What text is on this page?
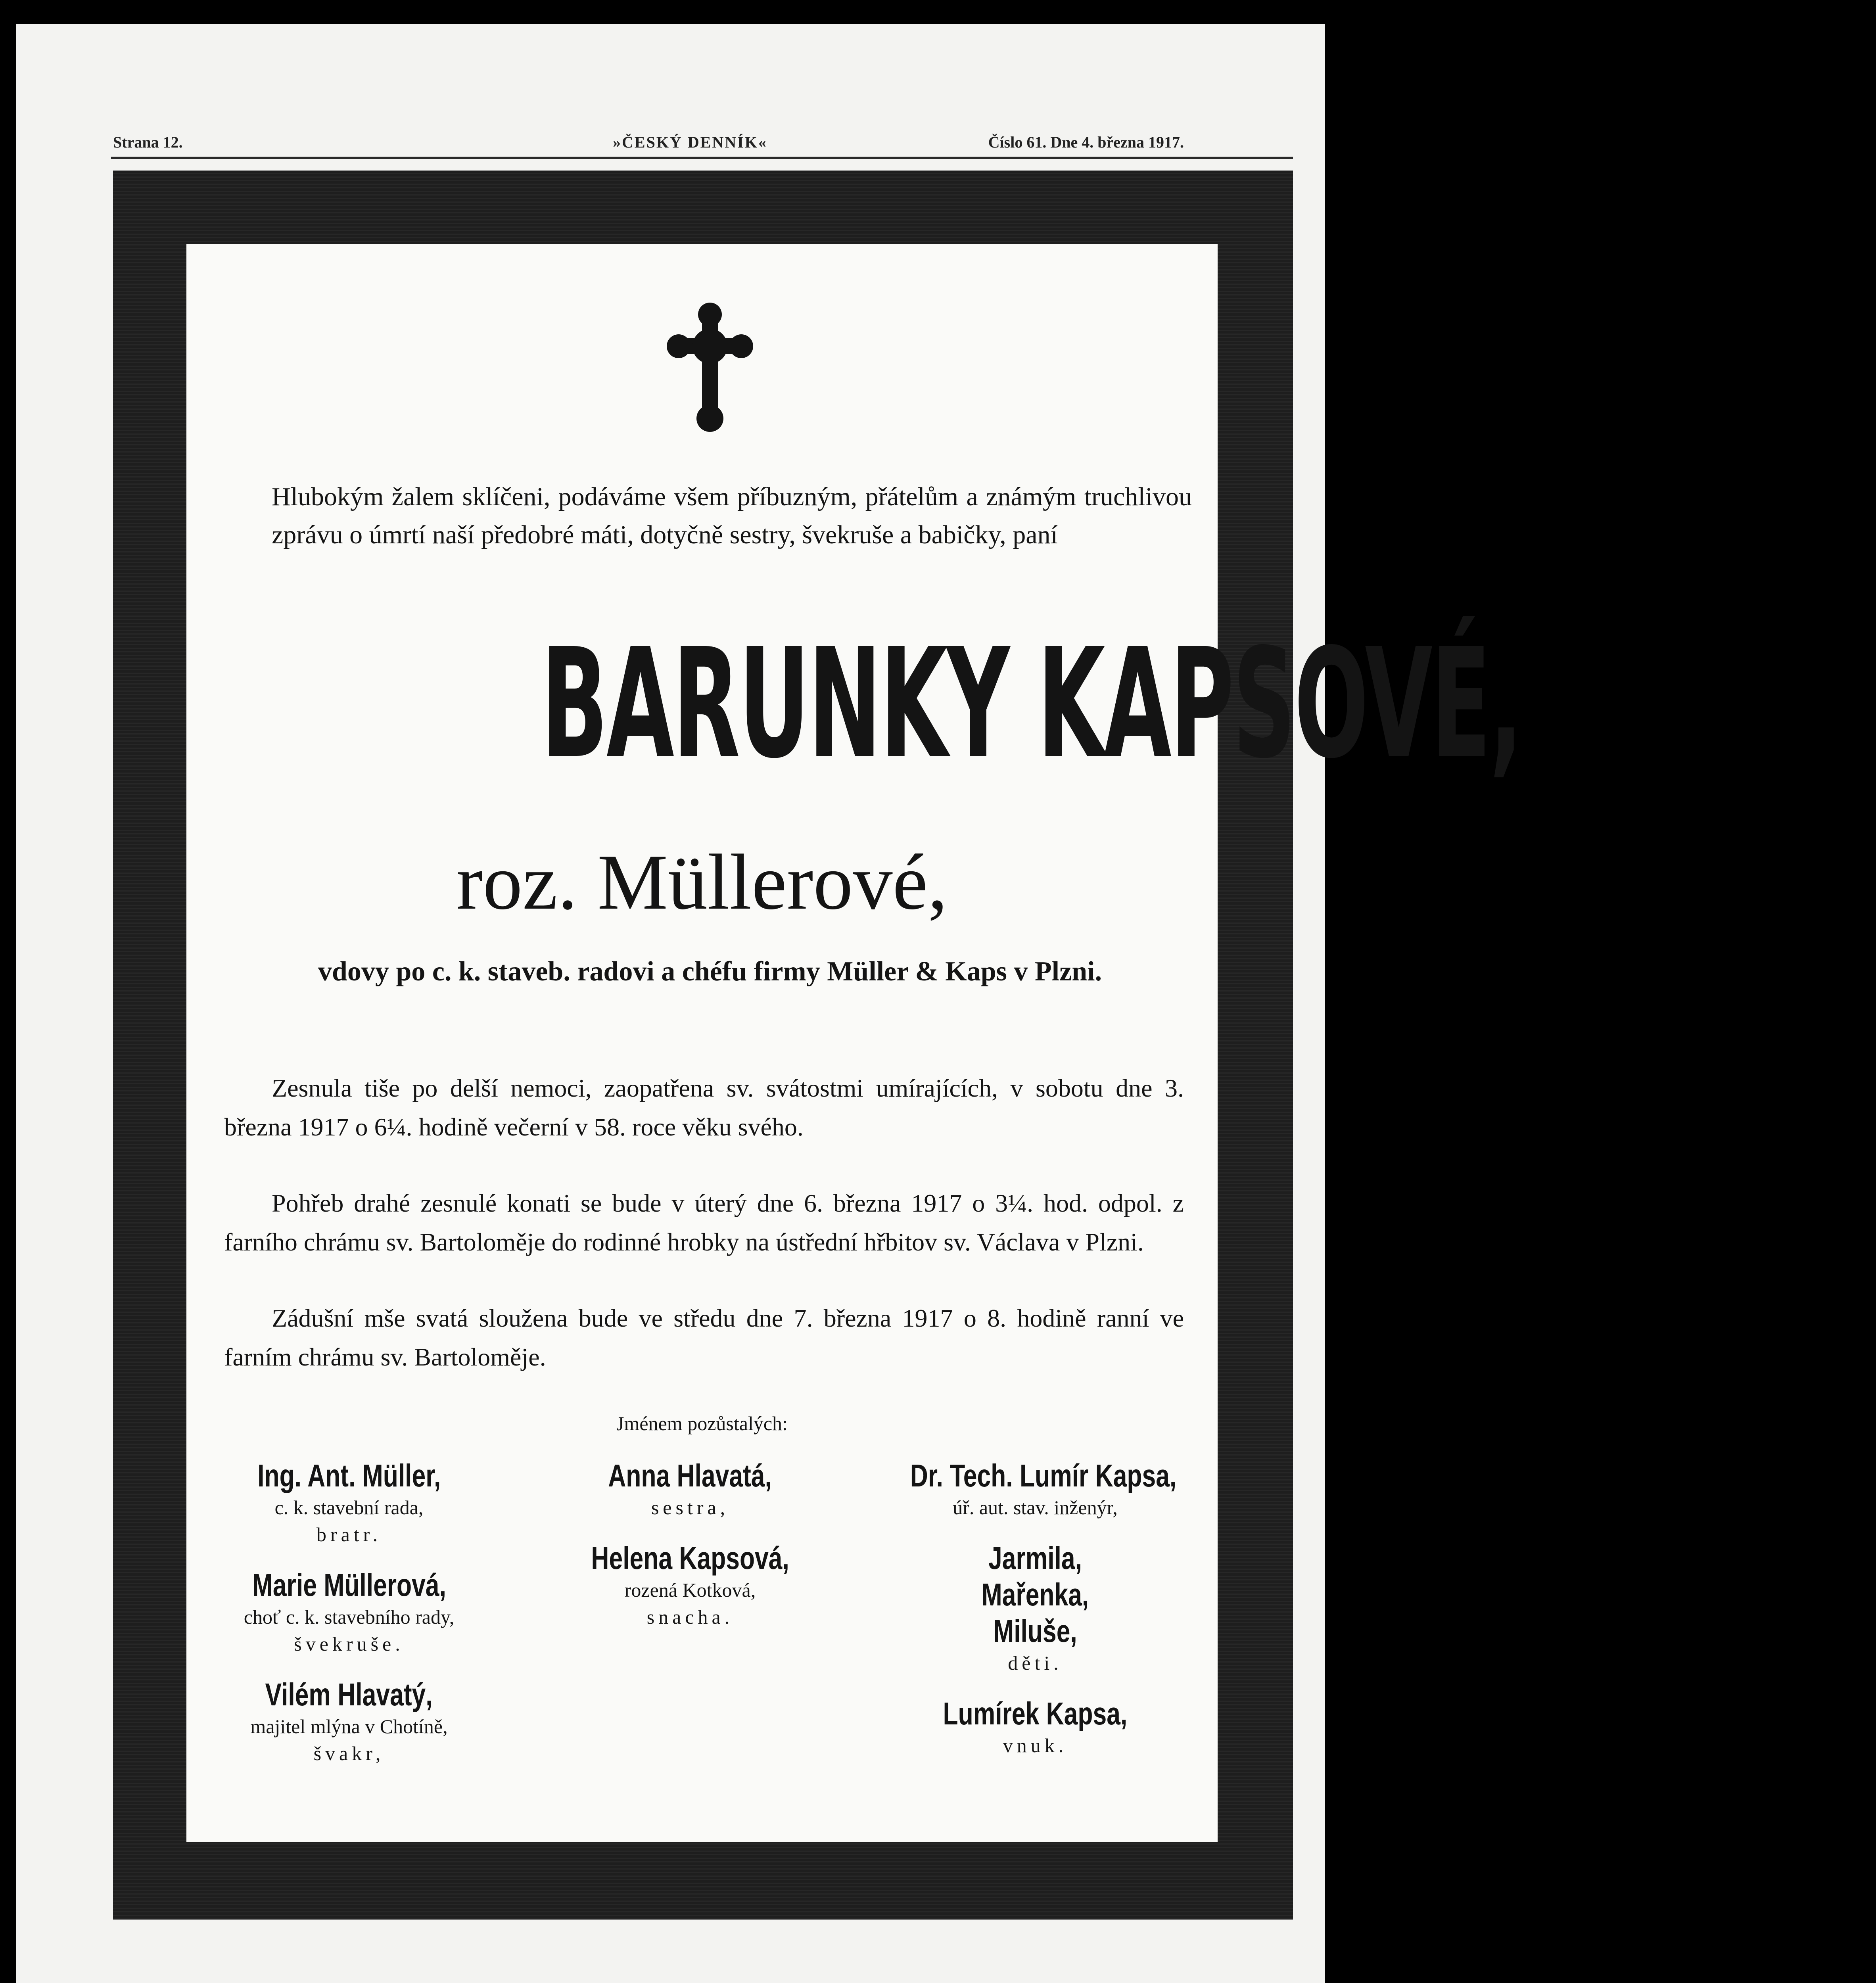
Strana 12.	»ČESKÝ DENNÍK«	Číslo 61. Dne 4. března 1917.
Hlubokým žalem sklíčeni, podáváme všem příbuzným, přátelům a známým truchlivou zprávu o úmrtí naší předobré máti, dotyčně sestry, švekruše a babičky, paní
BARUNKY KAPSOVÉ,
roz. Müllerové,
vdovy po c. k. staveb. radovi a chéfu firmy Müller & Kaps v Plzni.
Zesnula tiše po delší nemoci, zaopatřena sv. svátostmi umírajících, v sobotu dne 3. března 1917 o 6¼. hodině večerní v 58. roce věku svého.
Pohřeb drahé zesnulé konati se bude v úterý dne 6. března 1917 o 3¼. hod. odpol. z farního chrámu sv. Bartoloměje do rodinné hrobky na ústřední hřbitov sv. Václava v Plzni.
Zádušní mše svatá sloužena bude ve středu dne 7. března 1917 o 8. hodině ranní ve farním chrámu sv. Bartoloměje.
Jménem pozůstalých:
Ing. Ant. Müller,
c. k. stavební rada,
bratr.
Marie Müllerová,
choť c. k. stavebního rady,
švekruše.
Vilém Hlavatý,
majitel mlýna v Chotíně,
švakr,
Anna Hlavatá,
sestra,
Helena Kapsová,
rozená Kotková,
snacha.
Dr. Tech. Lumír Kapsa,
úř. aut. stav. inženýr,
Jarmila, Mařenka, Miluše,
děti.
Lumírek Kapsa,
vnuk.
